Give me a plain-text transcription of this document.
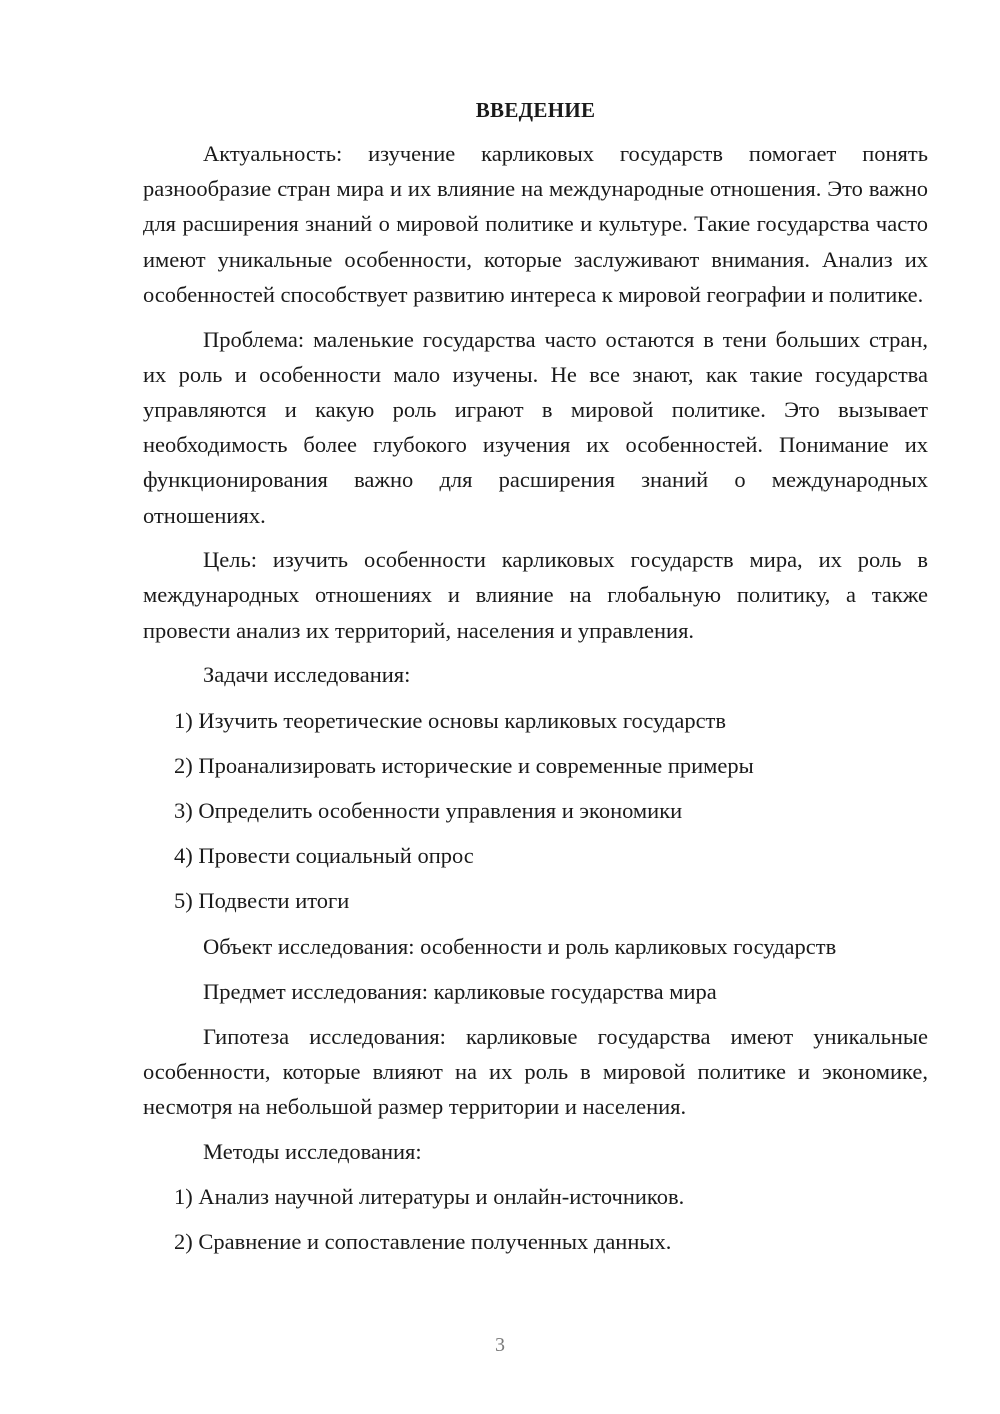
ВВЕДЕНИЕ

Актуальность: изучение карликовых государств помогает понять разнообразие стран мира и их влияние на международные отношения. Это важно для расширения знаний о мировой политике и культуре. Такие государства часто имеют уникальные особенности, которые заслуживают внимания. Анализ их особенностей способствует развитию интереса к мировой географии и политике.

Проблема: маленькие государства часто остаются в тени больших стран, их роль и особенности мало изучены. Не все знают, как такие государства управляются и какую роль играют в мировой политике. Это вызывает необходимость более глубокого изучения их особенностей. Понимание их функционирования важно для расширения знаний о международных отношениях.

Цель: изучить особенности карликовых государств мира, их роль в международных отношениях и влияние на глобальную политику, а также провести анализ их территорий, населения и управления.

Задачи исследования:

1) Изучить теоретические основы карликовых государств

2) Проанализировать исторические и современные примеры

3) Определить особенности управления и экономики

4) Провести социальный опрос

5) Подвести итоги

Объект исследования: особенности и роль карликовых государств

Предмет исследования: карликовые государства мира

Гипотеза исследования: карликовые государства имеют уникальные особенности, которые влияют на их роль в мировой политике и экономике, несмотря на небольшой размер территории и населения.

Методы исследования:

1) Анализ научной литературы и онлайн-источников.

2) Сравнение и сопоставление полученных данных.

3
